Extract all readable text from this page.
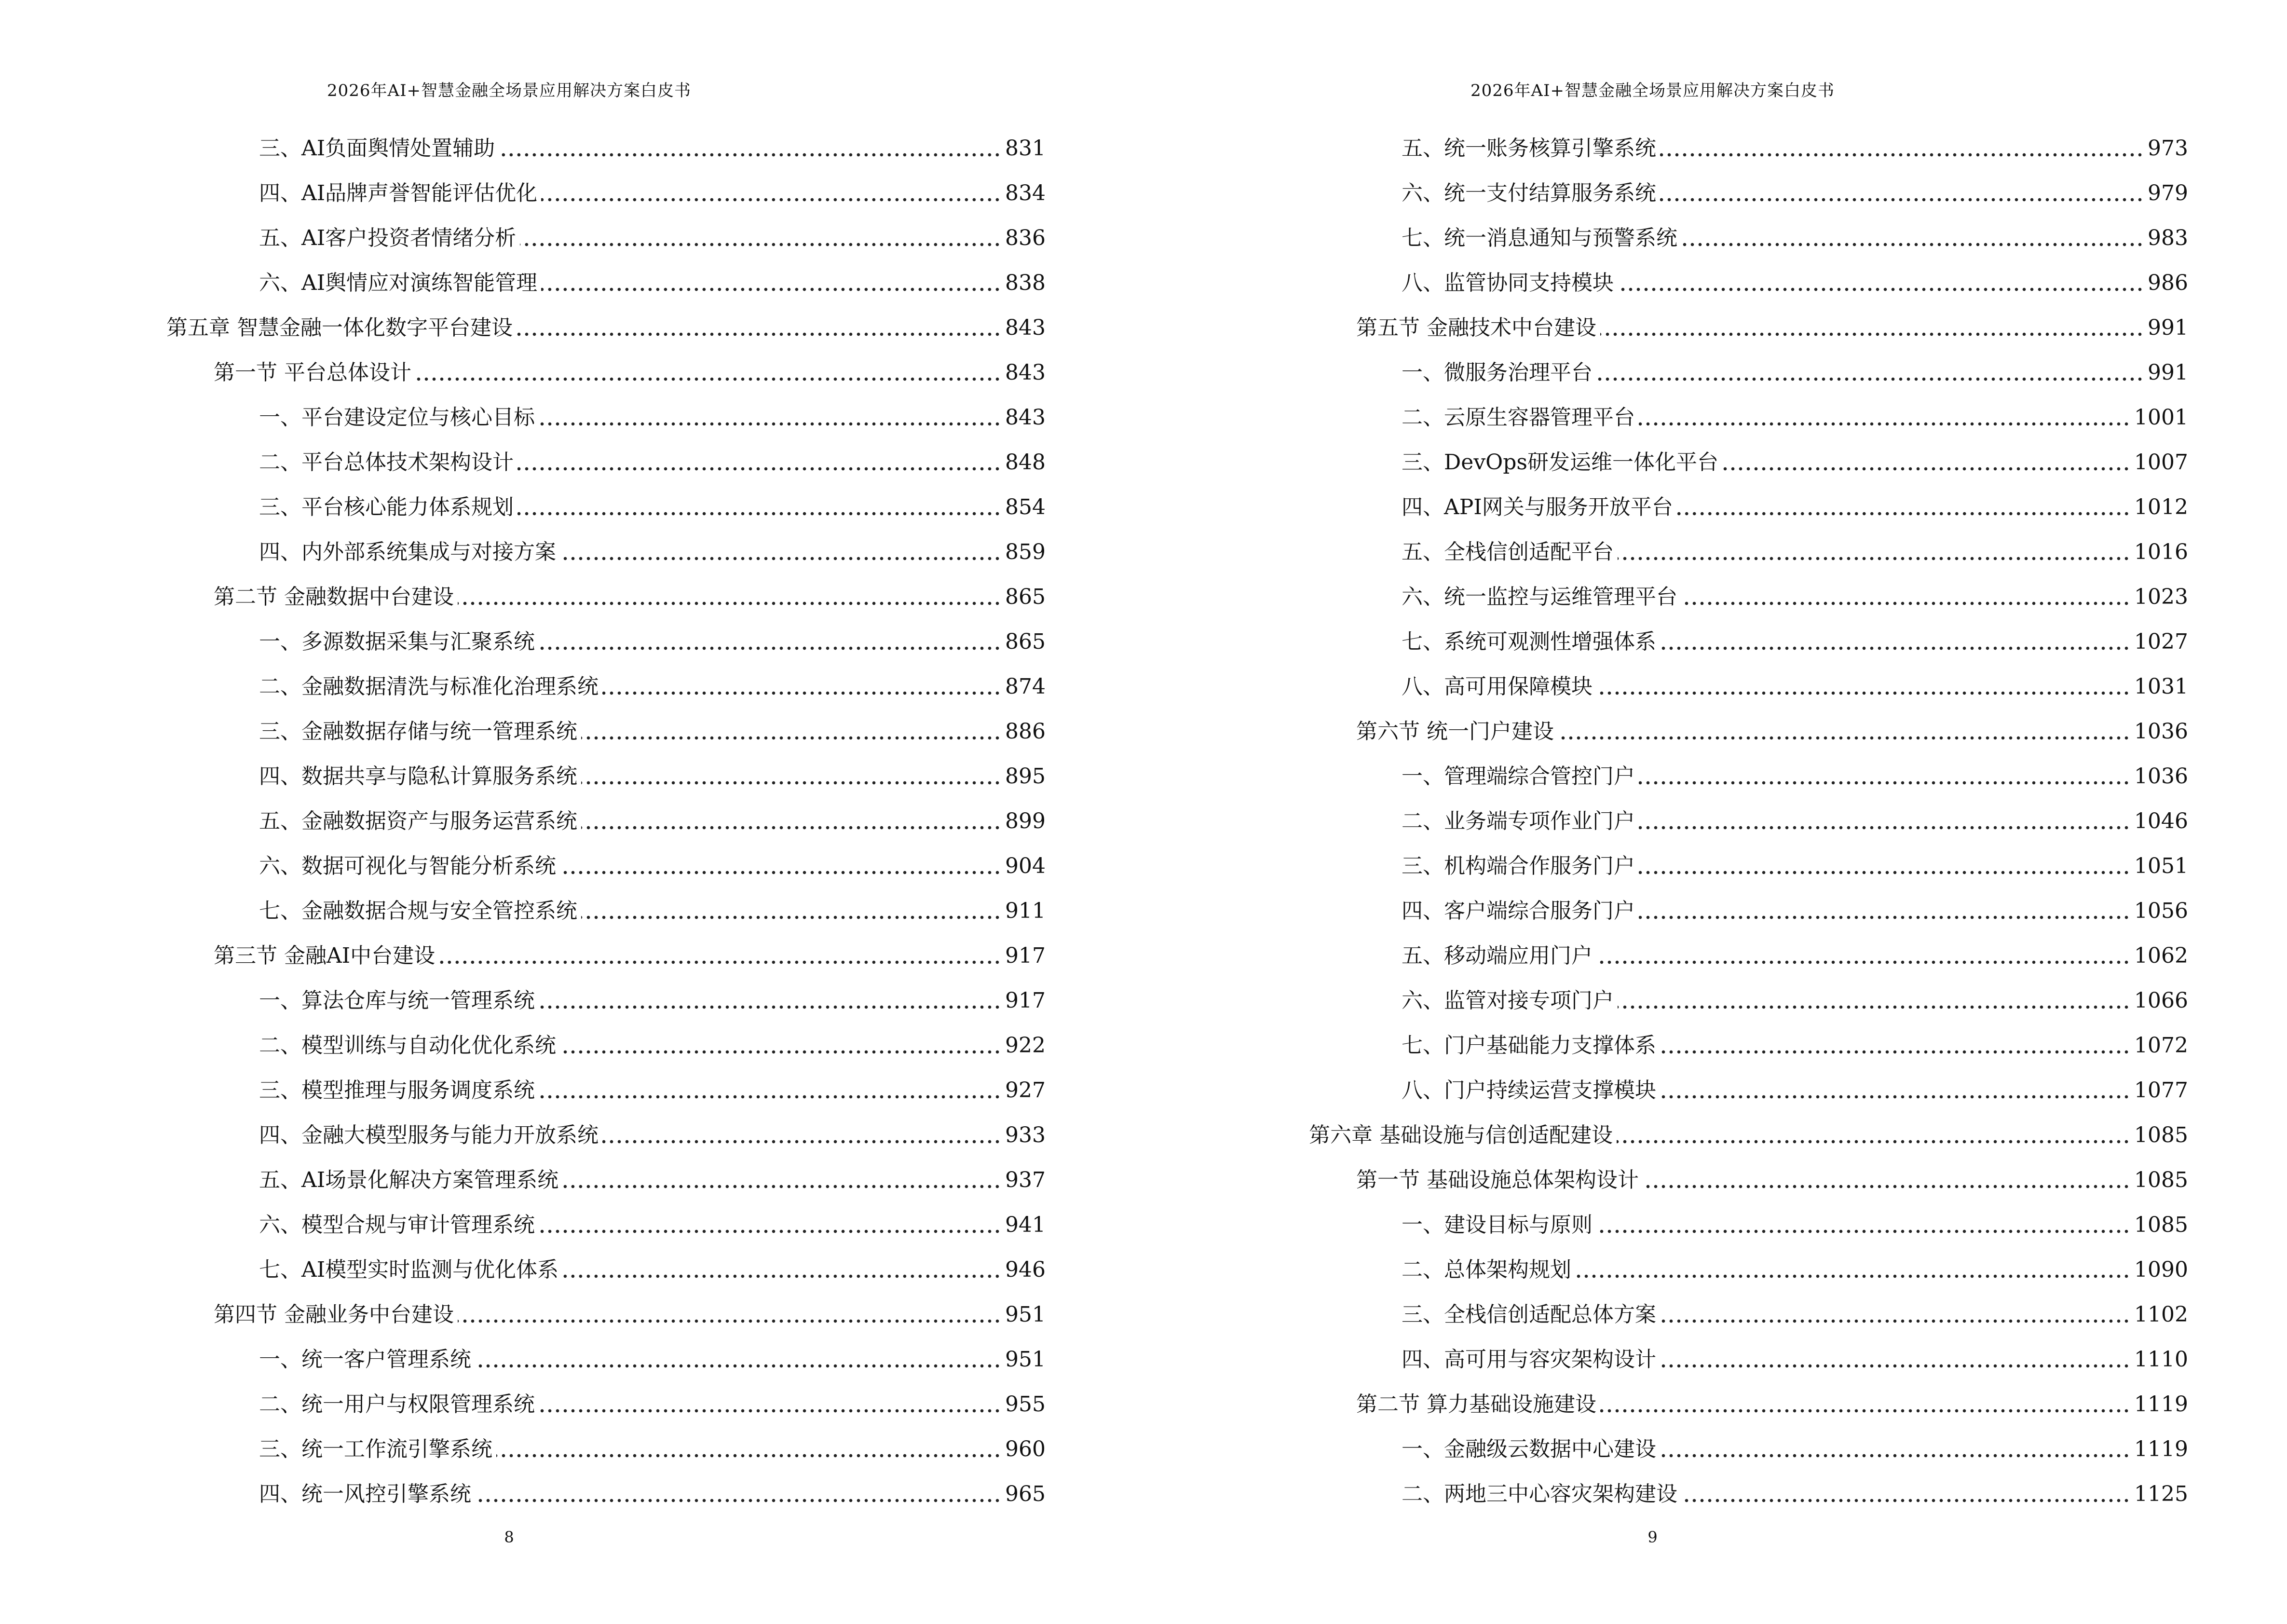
2026年AI+智慧金融全场景应用解决方案白皮书
三、AI负面舆情处置辅助	831
四、AI品牌声誉智能评估优化	834
五、AI客户投资者情绪分析	836
六、AI舆情应对演练智能管理	838
第五章 智慧金融一体化数字平台建设	843
第一节 平台总体设计	843
一、平台建设定位与核心目标	843
二、平台总体技术架构设计	848
三、平台核心能力体系规划	854
四、内外部系统集成与对接方案	859
第二节 金融数据中台建设	865
一、多源数据采集与汇聚系统	865
二、金融数据清洗与标准化治理系统	874
三、金融数据存储与统一管理系统	886
四、数据共享与隐私计算服务系统	895
五、金融数据资产与服务运营系统	899
六、数据可视化与智能分析系统	904
七、金融数据合规与安全管控系统	911
第三节 金融AI中台建设	917
一、算法仓库与统一管理系统	917
二、模型训练与自动化优化系统	922
三、模型推理与服务调度系统	927
四、金融大模型服务与能力开放系统	933
五、AI场景化解决方案管理系统	937
六、模型合规与审计管理系统	941
七、AI模型实时监测与优化体系	946
第四节 金融业务中台建设	951
一、统一客户管理系统	951
二、统一用户与权限管理系统	955
三、统一工作流引擎系统	960
四、统一风控引擎系统	965
8
2026年AI+智慧金融全场景应用解决方案白皮书
五、统一账务核算引擎系统	973
六、统一支付结算服务系统	979
七、统一消息通知与预警系统	983
八、监管协同支持模块	986
第五节 金融技术中台建设	991
一、微服务治理平台	991
二、云原生容器管理平台	1001
三、DevOps研发运维一体化平台	1007
四、API网关与服务开放平台	1012
五、全栈信创适配平台	1016
六、统一监控与运维管理平台	1023
七、系统可观测性增强体系	1027
八、高可用保障模块	1031
第六节 统一门户建设	1036
一、管理端综合管控门户	1036
二、业务端专项作业门户	1046
三、机构端合作服务门户	1051
四、客户端综合服务门户	1056
五、移动端应用门户	1062
六、监管对接专项门户	1066
七、门户基础能力支撑体系	1072
八、门户持续运营支撑模块	1077
第六章 基础设施与信创适配建设	1085
第一节 基础设施总体架构设计	1085
一、建设目标与原则	1085
二、总体架构规划	1090
三、全栈信创适配总体方案	1102
四、高可用与容灾架构设计	1110
第二节 算力基础设施建设	1119
一、金融级云数据中心建设	1119
二、两地三中心容灾架构建设	1125
9
